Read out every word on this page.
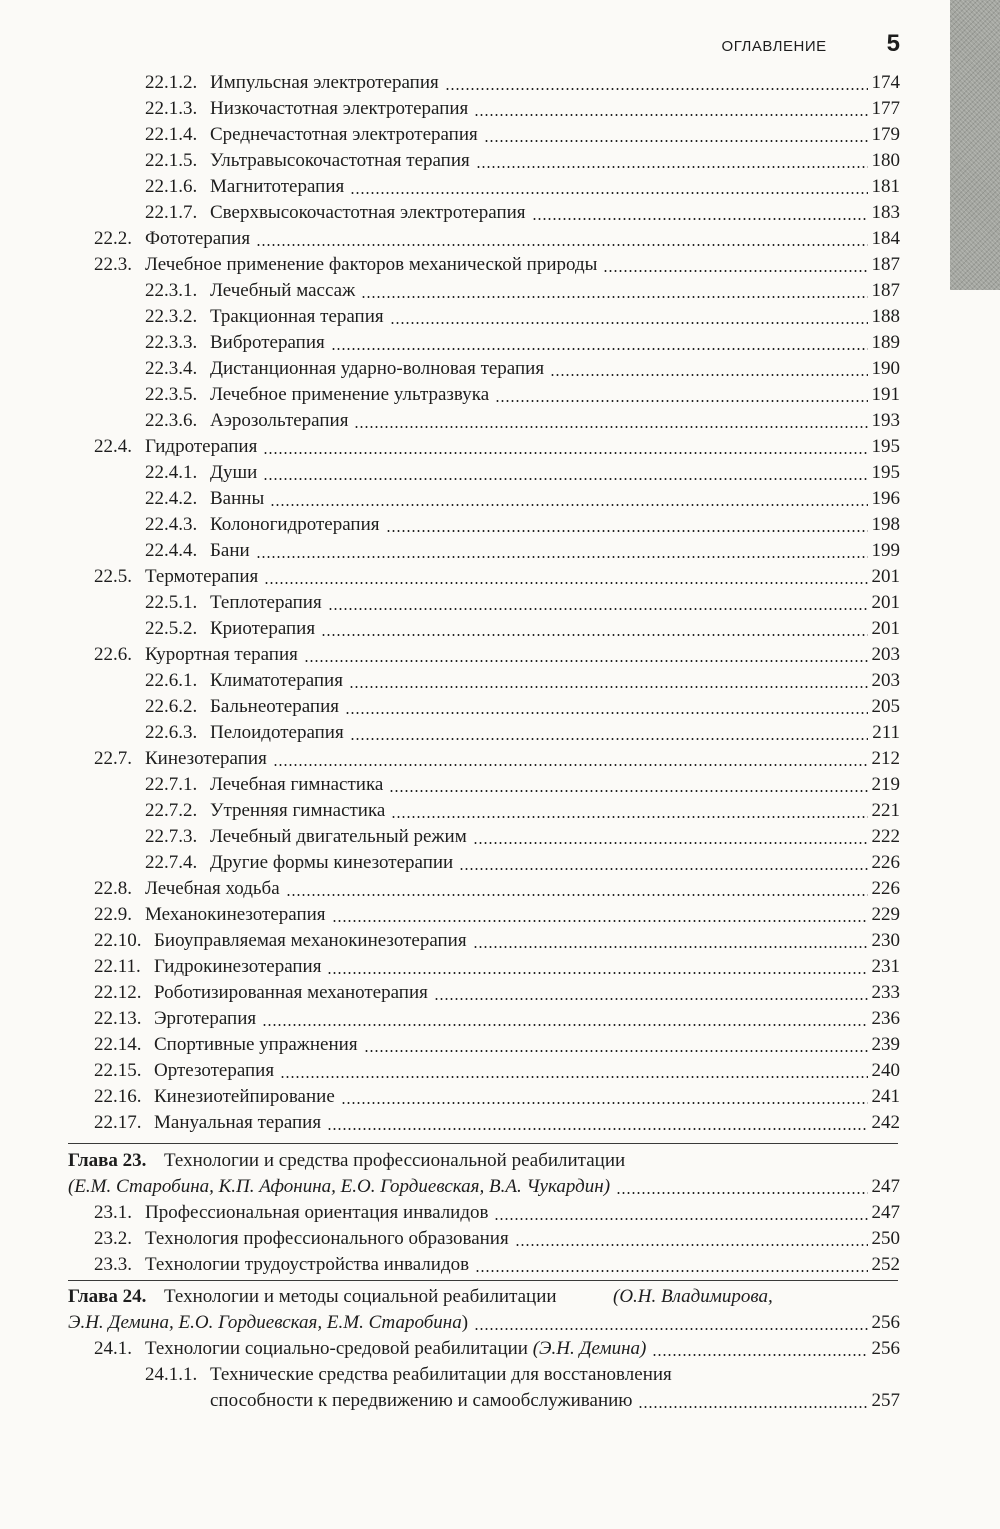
ОГЛАВЛЕНИЕ	5
22.1.2. Импульсная электротерапия	174
22.1.3. Низкочастотная электротерапия	177
22.1.4. Среднечастотная электротерапия	179
22.1.5. Ультравысокочастотная терапия	180
22.1.6. Магнитотерапия	181
22.1.7. Сверхвысокочастотная электротерапия	183
22.2. Фототерапия	184
22.3. Лечебное применение факторов механической природы	187
22.3.1. Лечебный массаж	187
22.3.2. Тракционная терапия	188
22.3.3. Вибротерапия	189
22.3.4. Дистанционная ударно-волновая терапия	190
22.3.5. Лечебное применение ультразвука	191
22.3.6. Аэрозольтерапия	193
22.4. Гидротерапия	195
22.4.1. Души	195
22.4.2. Ванны	196
22.4.3. Колоногидротерапия	198
22.4.4. Бани	199
22.5. Термотерапия	201
22.5.1. Теплотерапия	201
22.5.2. Криотерапия	201
22.6. Курортная терапия	203
22.6.1. Климатотерапия	203
22.6.2. Бальнеотерапия	205
22.6.3. Пелоидотерапия	211
22.7. Кинезотерапия	212
22.7.1. Лечебная гимнастика	219
22.7.2. Утренняя гимнастика	221
22.7.3. Лечебный двигательный режим	222
22.7.4. Другие формы кинезотерапии	226
22.8. Лечебная ходьба	226
22.9. Механокинезотерапия	229
22.10. Биоуправляемая механокинезотерапия	230
22.11. Гидрокинезотерапия	231
22.12. Роботизированная механотерапия	233
22.13. Эрготерапия	236
22.14. Спортивные упражнения	239
22.15. Ортезотерапия	240
22.16. Кинезиотейпирование	241
22.17. Мануальная терапия	242
Глава 23. Технологии и средства профессиональной реабилитации
(Е.М. Старобина, К.П. Афонина, Е.О. Гордиевская, В.А. Чукардин)	247
23.1. Профессиональная ориентация инвалидов	247
23.2. Технология профессионального образования	250
23.3. Технологии трудоустройства инвалидов	252
Глава 24. Технологии и методы социальной реабилитации	(О.Н. Владимирова,
Э.Н. Демина, Е.О. Гордиевская, Е.М. Старобина)	256
24.1. Технологии социально-средовой реабилитации (Э.Н. Демина)	256
24.1.1. Технические средства реабилитации для восстановления
способности к передвижению и самообслуживанию	257
